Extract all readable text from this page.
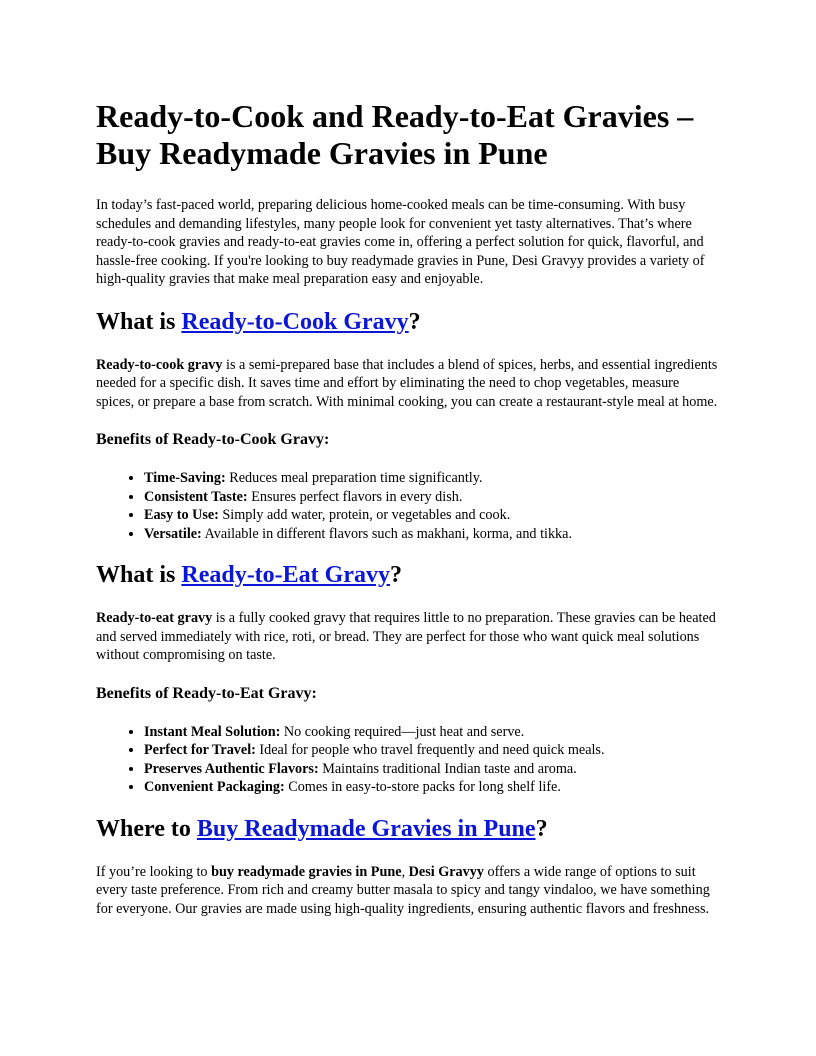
Ready-to-Cook and Ready-to-Eat Gravies – Buy Readymade Gravies in Pune

In today’s fast-paced world, preparing delicious home-cooked meals can be time-consuming. With busy schedules and demanding lifestyles, many people look for convenient yet tasty alternatives. That’s where ready-to-cook gravies and ready-to-eat gravies come in, offering a perfect solution for quick, flavorful, and hassle-free cooking. If you're looking to buy readymade gravies in Pune, Desi Gravyy provides a variety of high-quality gravies that make meal preparation easy and enjoyable.

What is Ready-to-Cook Gravy?

Ready-to-cook gravy is a semi-prepared base that includes a blend of spices, herbs, and essential ingredients needed for a specific dish. It saves time and effort by eliminating the need to chop vegetables, measure spices, or prepare a base from scratch. With minimal cooking, you can create a restaurant-style meal at home.

Benefits of Ready-to-Cook Gravy:
• Time-Saving: Reduces meal preparation time significantly.
• Consistent Taste: Ensures perfect flavors in every dish.
• Easy to Use: Simply add water, protein, or vegetables and cook.
• Versatile: Available in different flavors such as makhani, korma, and tikka.
What is Ready-to-Eat Gravy?

Ready-to-eat gravy is a fully cooked gravy that requires little to no preparation. These gravies can be heated and served immediately with rice, roti, or bread. They are perfect for those who want quick meal solutions without compromising on taste.

Benefits of Ready-to-Eat Gravy:
• Instant Meal Solution: No cooking required—just heat and serve.
• Perfect for Travel: Ideal for people who travel frequently and need quick meals.
• Preserves Authentic Flavors: Maintains traditional Indian taste and aroma.
• Convenient Packaging: Comes in easy-to-store packs for long shelf life.
Where to Buy Readymade Gravies in Pune?

If you’re looking to buy readymade gravies in Pune, Desi Gravyy offers a wide range of options to suit every taste preference. From rich and creamy butter masala to spicy and tangy vindaloo, we have something for everyone. Our gravies are made using high-quality ingredients, ensuring authentic flavors and freshness.
